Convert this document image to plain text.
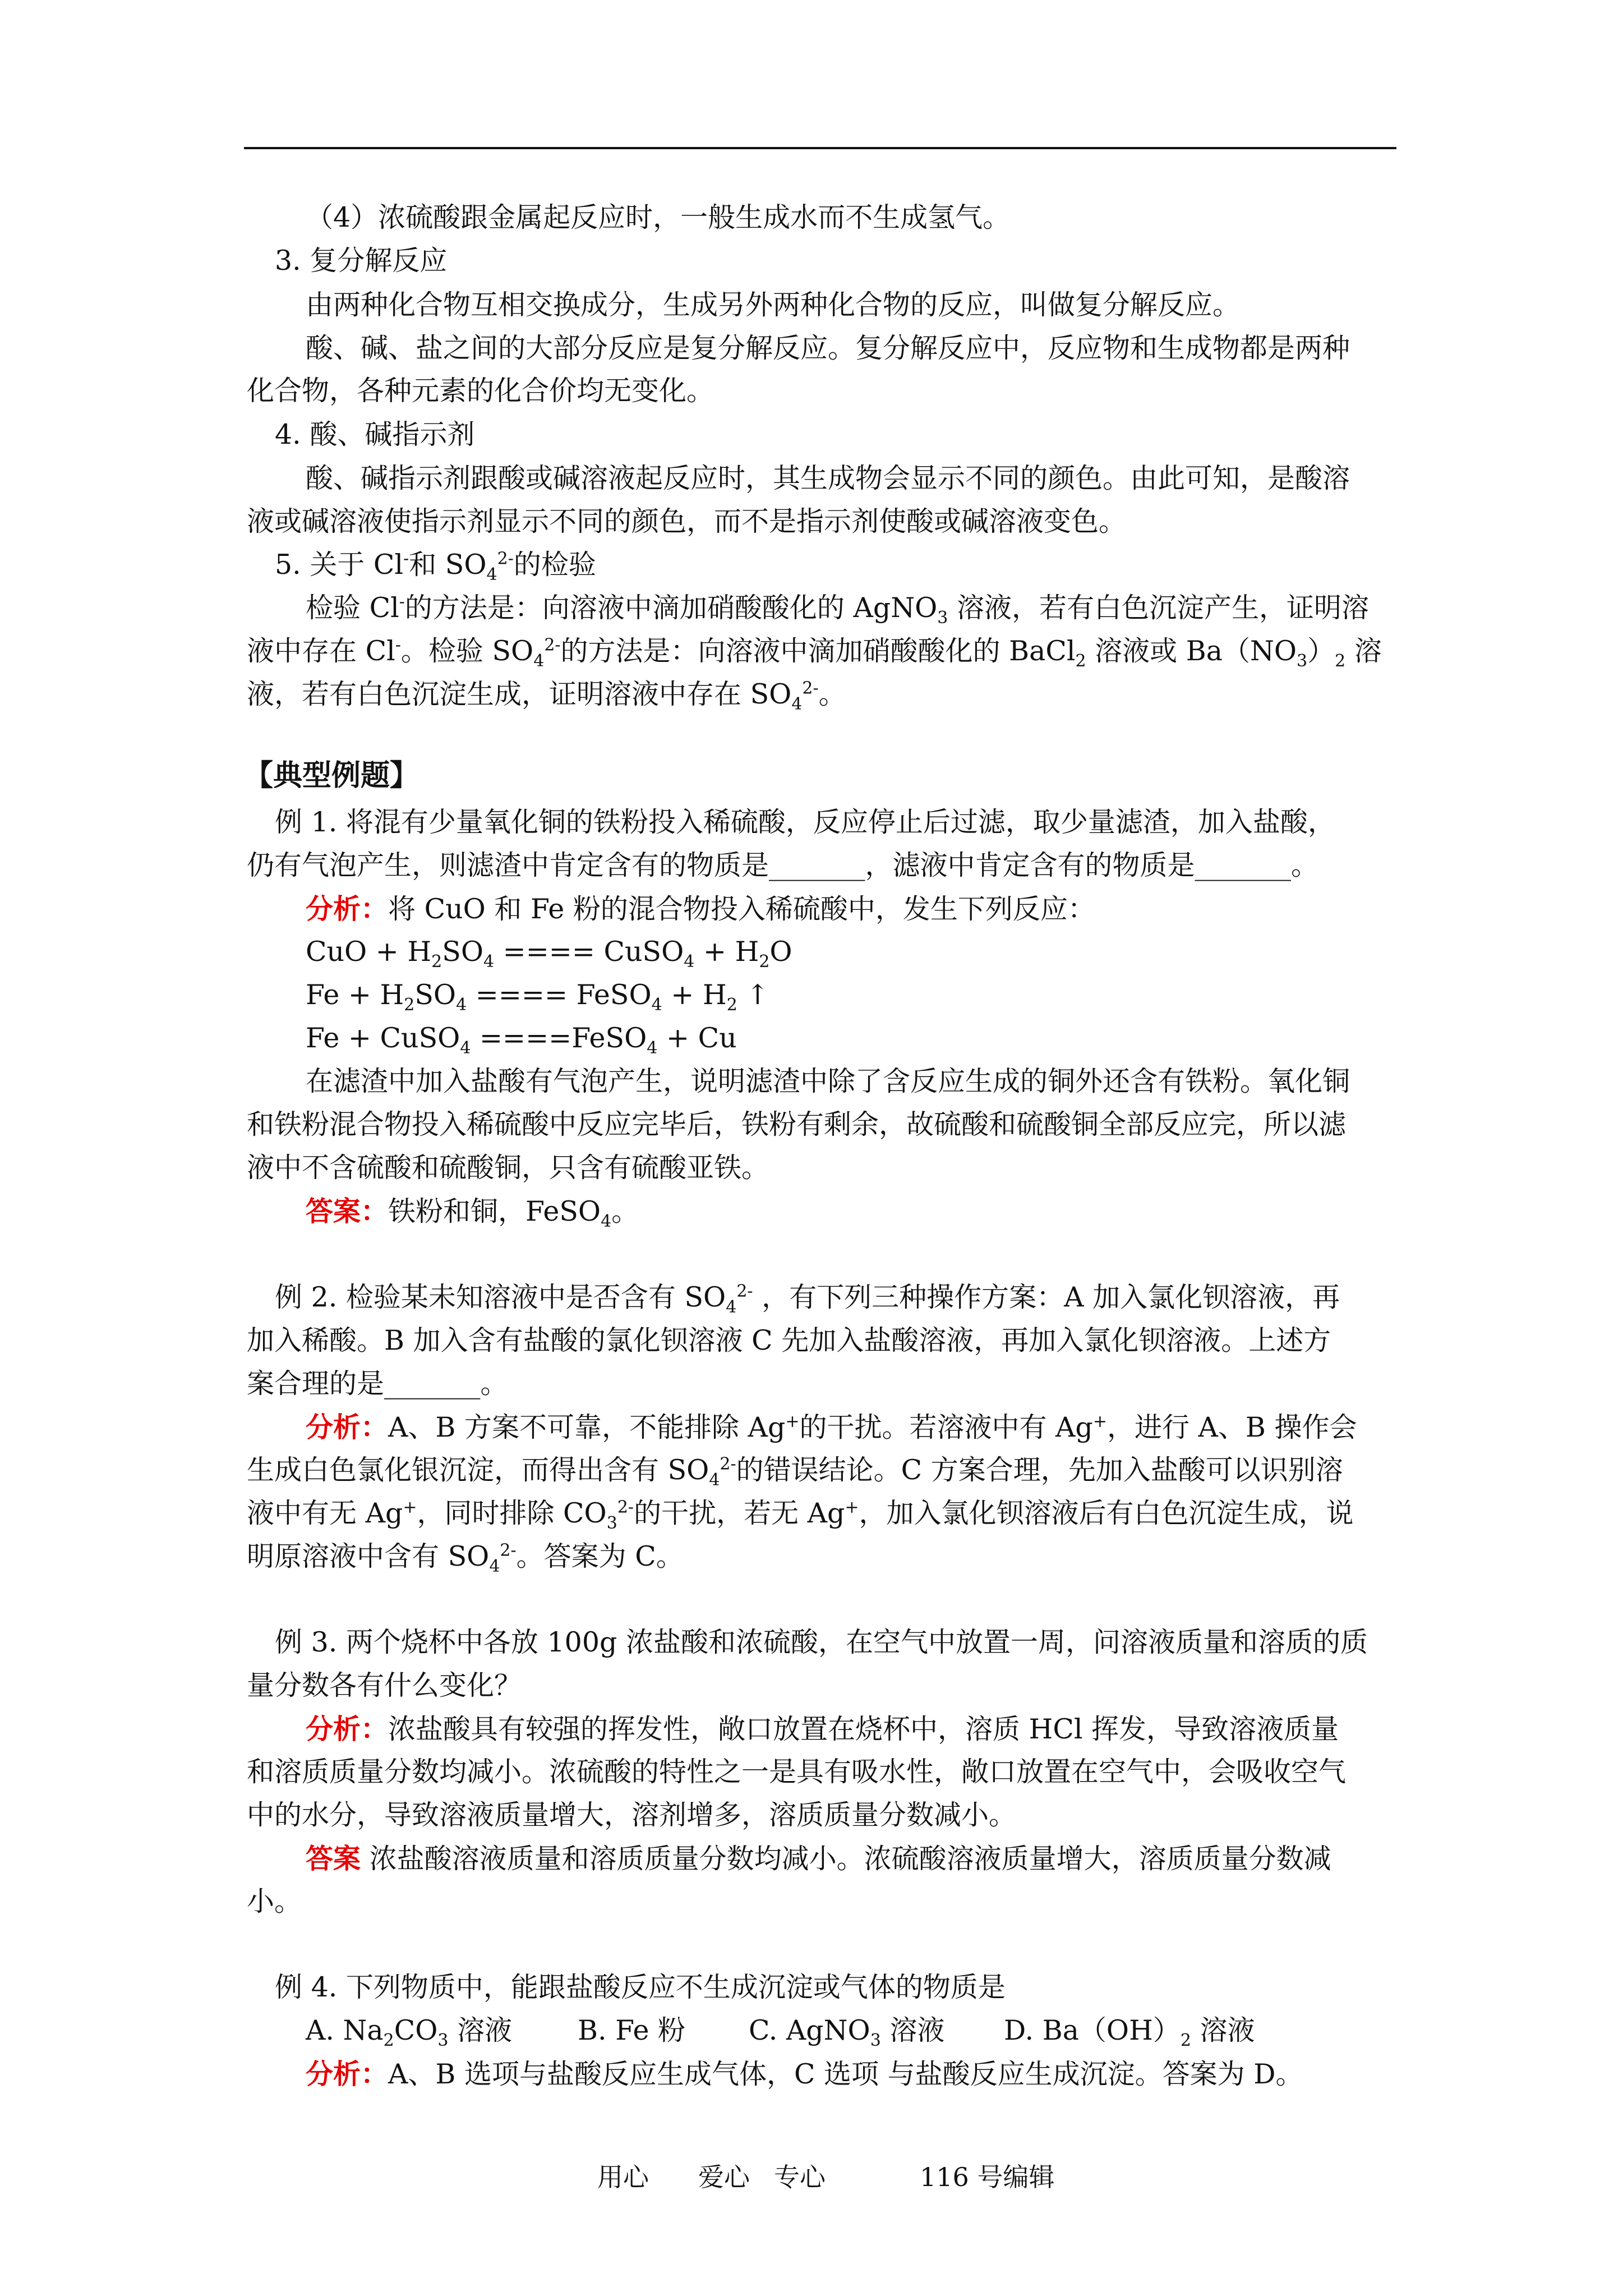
（4）浓硫酸跟金属起反应时，一般生成水而不生成氢气。
3. 复分解反应
由两种化合物互相交换成分，生成另外两种化合物的反应，叫做复分解反应。
酸、碱、盐之间的大部分反应是复分解反应。复分解反应中，反应物和生成物都是两种
化合物，各种元素的化合价均无变化。
4. 酸、碱指示剂
酸、碱指示剂跟酸或碱溶液起反应时，其生成物会显示不同的颜色。由此可知，是酸溶
液或碱溶液使指示剂显示不同的颜色，而不是指示剂使酸或碱溶液变色。
5. 关于 Cl-和 $SO_4^{2-}$的检验
检验 Cl-的方法是：向溶液中滴加硝酸酸化的 AgNO$_3$ 溶液，若有白色沉淀产生，证明溶
液中存在 Cl-。检验 $SO_4^{2-}$的方法是：向溶液中滴加硝酸酸化的 BaCl$_2$ 溶液或 $Ba(NO_3)_2$ 溶
液，若有白色沉淀生成，证明溶液中存在 $SO_4^{2-}$。
【典型例题】
例 1. 将混有少量氧化铜的铁粉投入稀硫酸，反应停止后过滤，取少量滤渣，加入盐酸，
仍有气泡产生，则滤渣中肯定含有的物质是_______，滤液中肯定含有的物质是_______。
分析：将 CuO 和 Fe 粉的混合物投入稀硫酸中，发生下列反应：
CuO + $H_2SO_4$ ==== CuSO$_4$ + $H_2O$
$Fe + H_2SO_4$ ==== FeSO$_4$ + $H_2$ ↑
Fe + CuSO$_4$ ====FeSO$_4$ + Cu
在滤渣中加入盐酸有气泡产生，说明滤渣中除了含反应生成的铜外还含有铁粉。氧化铜
和铁粉混合物投入稀硫酸中反应完毕后，铁粉有剩余，故硫酸和硫酸铜全部反应完，所以滤
液中不含硫酸和硫酸铜，只含有硫酸亚铁。
答案：铁粉和铜，FeSO$_4$。
例 2. 检验某未知溶液中是否含有 $SO_4^{2-}$ ，有下列三种操作方案：A 加入氯化钡溶液，再
加入稀酸。B 加入含有盐酸的氯化钡溶液 C 先加入盐酸溶液，再加入氯化钡溶液。上述方
案合理的是_______。
分析：A、B 方案不可靠，不能排除 Ag+的干扰。若溶液中有 Ag+，进行 A、B 操作会
生成白色氯化银沉淀，而得出含有 $SO_4^{2-}$的错误结论。C 方案合理，先加入盐酸可以识别溶
液中有无 Ag+，同时排除 $CO_3^{2-}$的干扰，若无 Ag+，加入氯化钡溶液后有白色沉淀生成，说
明原溶液中含有 $SO_4^{2-}$。答案为 C。
例 3. 两个烧杯中各放 100g 浓盐酸和浓硫酸，在空气中放置一周，问溶液质量和溶质的质
量分数各有什么变化？
分析：浓盐酸具有较强的挥发性，敞口放置在烧杯中，溶质 HCl 挥发，导致溶液质量
和溶质质量分数均减小。浓硫酸的特性之一是具有吸水性，敞口放置在空气中，会吸收空气
中的水分，导致溶液质量增大，溶剂增多，溶质质量分数减小。
答案 浓盐酸溶液质量和溶质质量分数均减小。浓硫酸溶液质量增大，溶质质量分数减
小。
例 4. 下列物质中，能跟盐酸反应不生成沉淀或气体的物质是
A. $Na_2CO_3$ 溶液 B. Fe 粉 C. AgNO$_3$ 溶液 D. $Ba(OH)_2$ 溶液
分析：A、B 选项与盐酸反应生成气体，C 选项 与盐酸反应生成沉淀。答案为 D。
用心 爱心 专心	116 号编辑
